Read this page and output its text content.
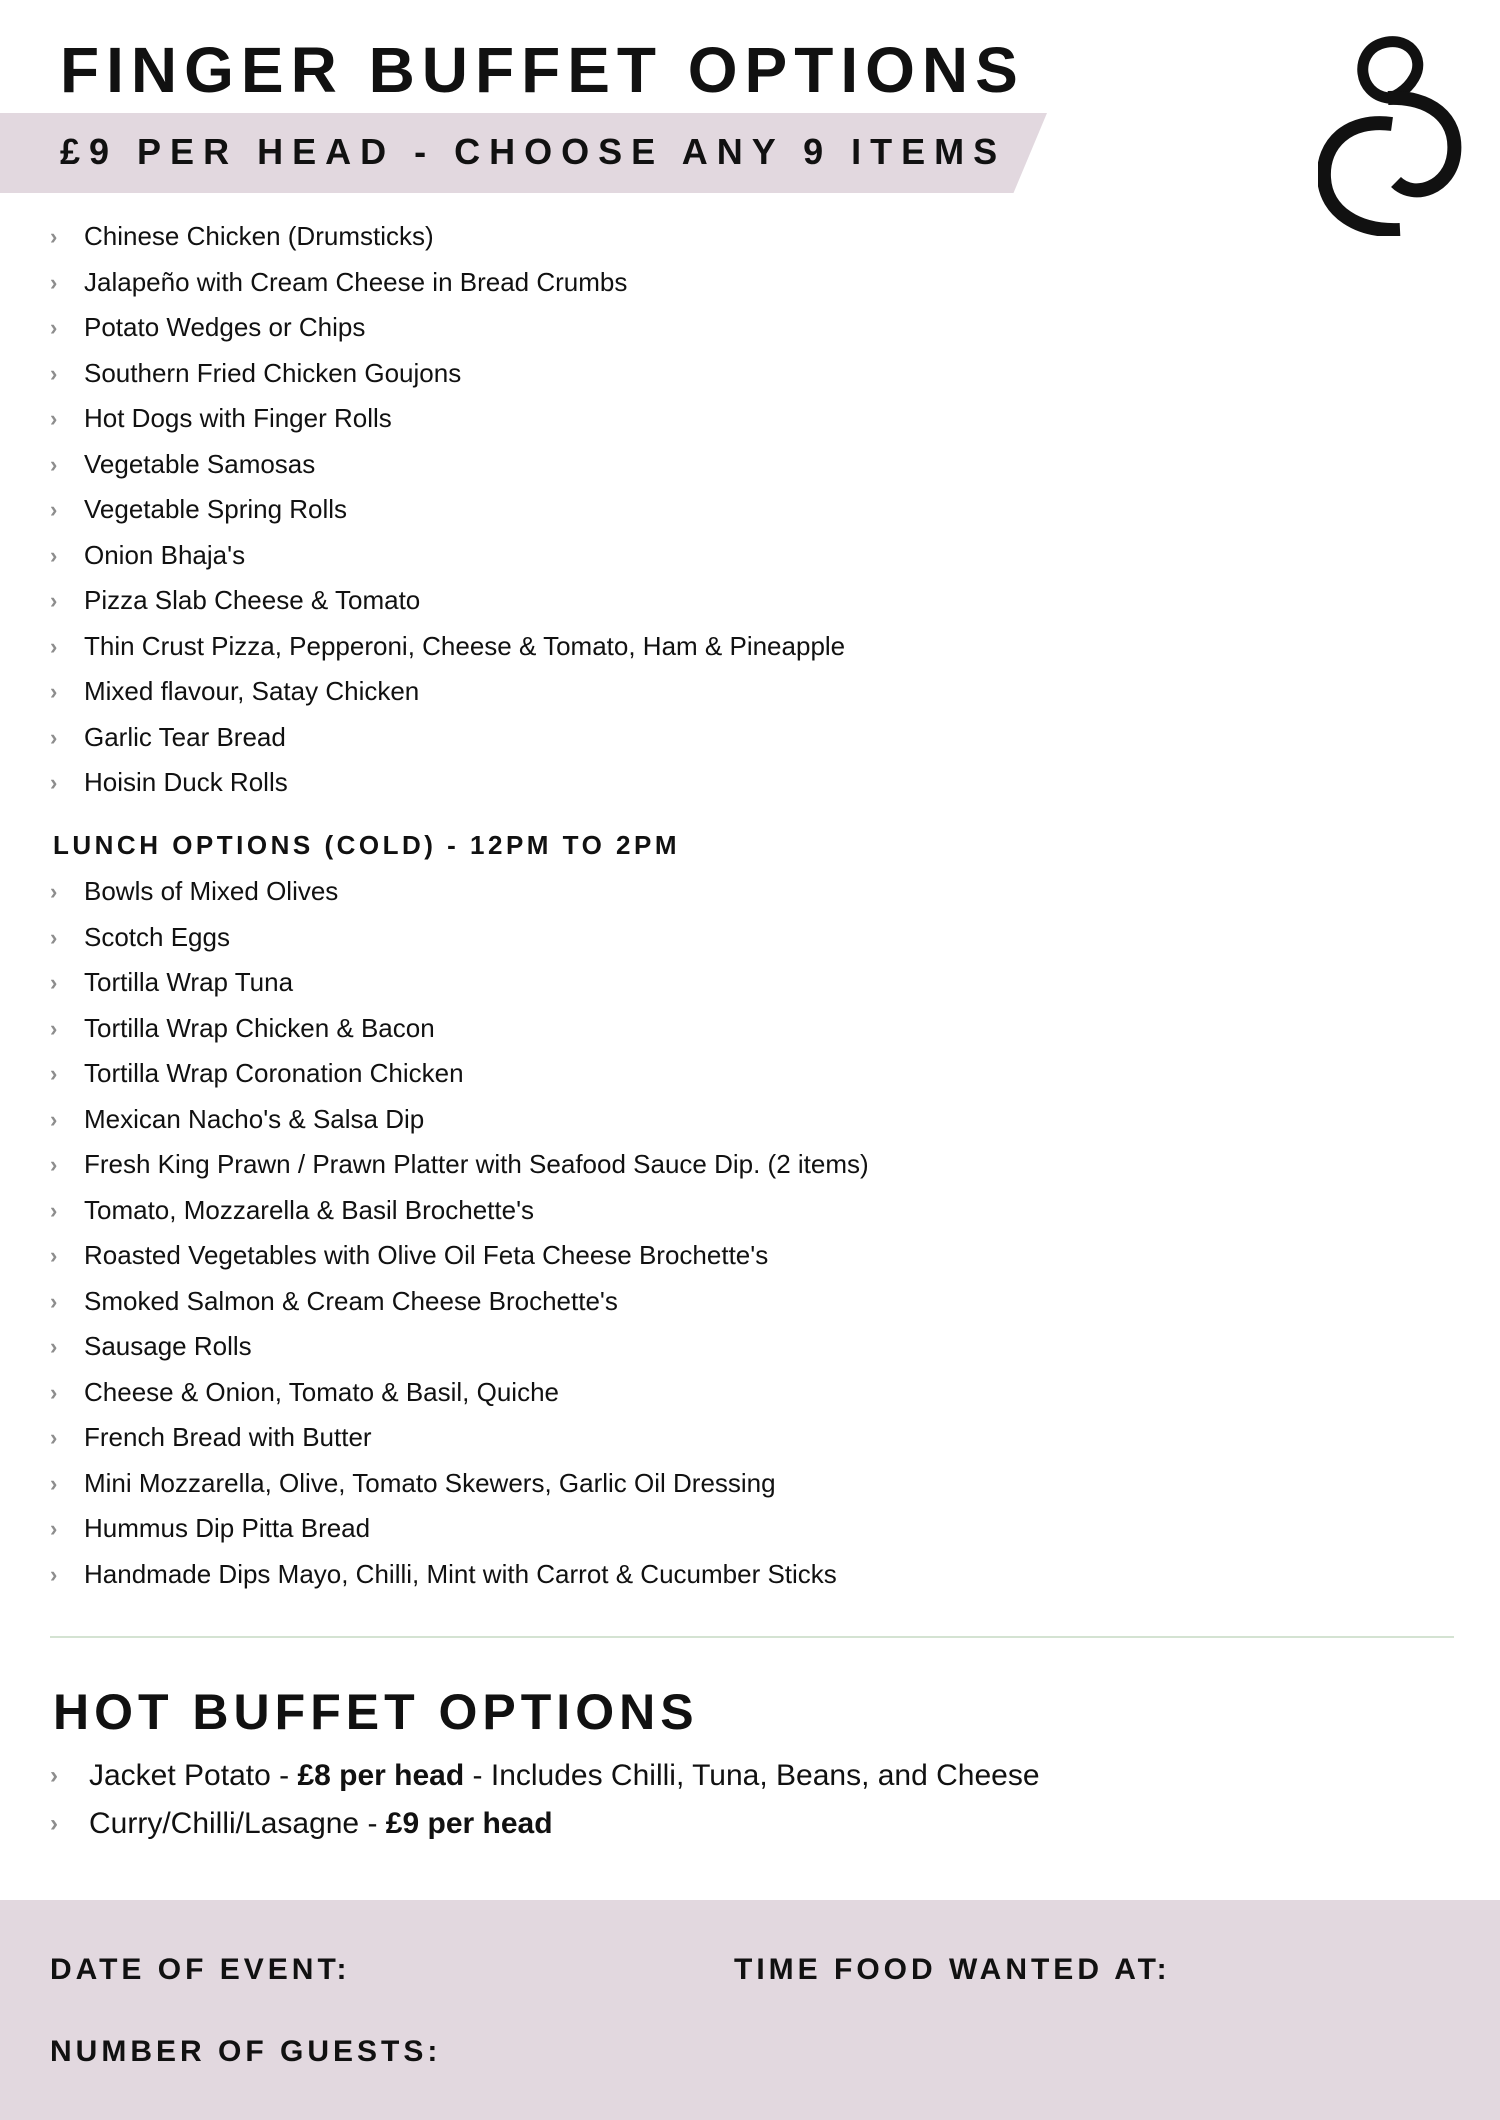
FINGER BUFFET OPTIONS
£9 PER HEAD - CHOOSE ANY 9 ITEMS
› Chinese Chicken (Drumsticks)
› Jalapeño with Cream Cheese in Bread Crumbs
› Potato Wedges or Chips
› Southern Fried Chicken Goujons
› Hot Dogs with Finger Rolls
› Vegetable Samosas
› Vegetable Spring Rolls
› Onion Bhaja's
› Pizza Slab Cheese & Tomato
› Thin Crust Pizza, Pepperoni, Cheese & Tomato, Ham & Pineapple
› Mixed flavour, Satay Chicken
› Garlic Tear Bread
› Hoisin Duck Rolls
LUNCH OPTIONS (COLD) - 12PM TO 2PM
› Bowls of Mixed Olives
› Scotch Eggs
› Tortilla Wrap Tuna
› Tortilla Wrap Chicken & Bacon
› Tortilla Wrap Coronation Chicken
› Mexican Nacho's & Salsa Dip
› Fresh King Prawn / Prawn Platter with Seafood Sauce Dip. (2 items)
› Tomato, Mozzarella & Basil Brochette's
› Roasted Vegetables with Olive Oil Feta Cheese Brochette's
› Smoked Salmon & Cream Cheese Brochette's
› Sausage Rolls
› Cheese & Onion, Tomato & Basil, Quiche
› French Bread with Butter
› Mini Mozzarella, Olive, Tomato Skewers, Garlic Oil Dressing
› Hummus Dip Pitta Bread
› Handmade Dips Mayo, Chilli, Mint with Carrot & Cucumber Sticks
HOT BUFFET OPTIONS
› Jacket Potato - £8 per head - Includes Chilli, Tuna, Beans, and Cheese
› Curry/Chilli/Lasagne - £9 per head
DATE OF EVENT:	TIME FOOD WANTED AT:
NUMBER OF GUESTS:
